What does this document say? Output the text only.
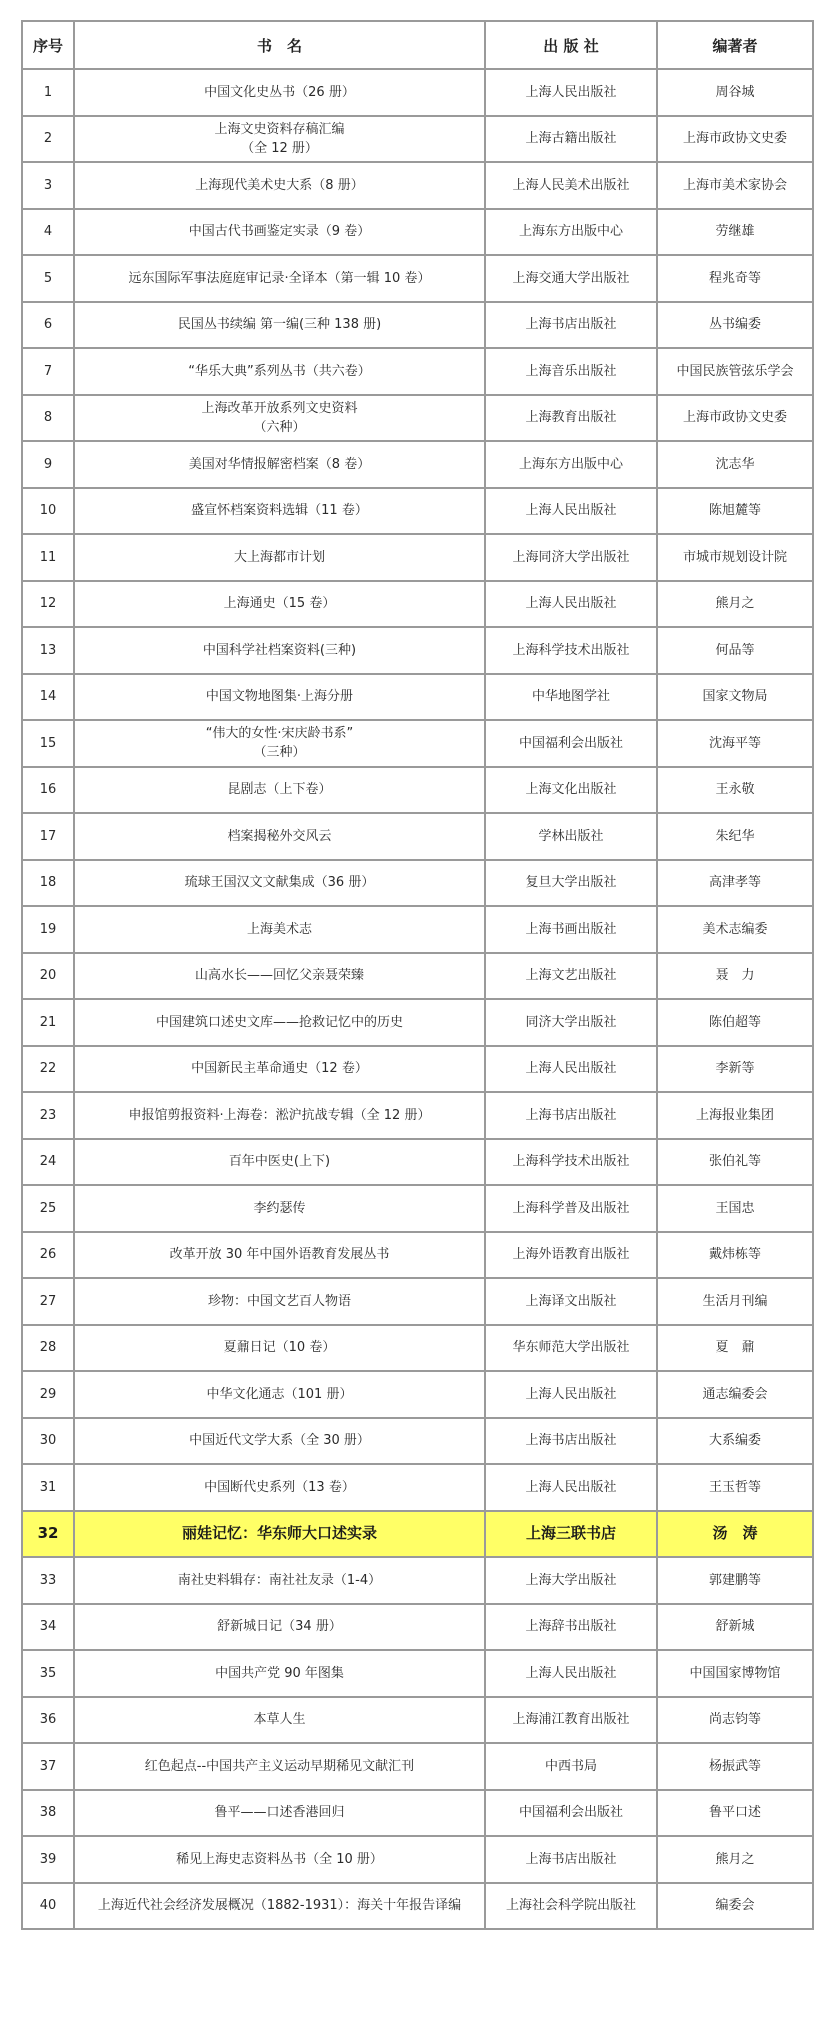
序号	书　名	出 版 社	编著者
1	中国文化史丛书（26 册）	上海人民出版社	周谷城
2	上海文史资料存稿汇编
（全 12 册）	上海古籍出版社	上海市政协文史委
3	上海现代美术史大系（8 册）	上海人民美术出版社	上海市美术家协会
4	中国古代书画鉴定实录（9 卷）	上海东方出版中心	劳继雄
5	远东国际军事法庭庭审记录·全译本（第一辑 10 卷）	上海交通大学出版社	程兆奇等
6	民国丛书续编 第一编(三种 138 册)	上海书店出版社	丛书编委
7	“华乐大典”系列丛书（共六卷）	上海音乐出版社	中国民族管弦乐学会
8	上海改革开放系列文史资料
（六种）	上海教育出版社	上海市政协文史委
9	美国对华情报解密档案（8 卷）	上海东方出版中心	沈志华
10	盛宣怀档案资料选辑（11 卷）	上海人民出版社	陈旭麓等
11	大上海都市计划	上海同济大学出版社	市城市规划设计院
12	上海通史（15 卷）	上海人民出版社	熊月之
13	中国科学社档案资料(三种)	上海科学技术出版社	何品等
14	中国文物地图集·上海分册	中华地图学社	国家文物局
15	“伟大的女性·宋庆龄书系”
（三种）	中国福利会出版社	沈海平等
16	昆剧志（上下卷）	上海文化出版社	王永敬
17	档案揭秘外交风云	学林出版社	朱纪华
18	琉球王国汉文文献集成（36 册）	复旦大学出版社	高津孝等
19	上海美术志	上海书画出版社	美术志编委
20	山高水长——回忆父亲聂荣臻	上海文艺出版社	聂　力
21	中国建筑口述史文库——抢救记忆中的历史	同济大学出版社	陈伯超等
22	中国新民主革命通史（12 卷）	上海人民出版社	李新等
23	申报馆剪报资料·上海卷：淞沪抗战专辑（全 12 册）	上海书店出版社	上海报业集团
24	百年中医史(上下)	上海科学技术出版社	张伯礼等
25	李约瑟传	上海科学普及出版社	王国忠
26	改革开放 30 年中国外语教育发展丛书	上海外语教育出版社	戴炜栋等
27	珍物：中国文艺百人物语	上海译文出版社	生活月刊编
28	夏鼐日记（10 卷）	华东师范大学出版社	夏　鼐
29	中华文化通志（101 册）	上海人民出版社	通志编委会
30	中国近代文学大系（全 30 册）	上海书店出版社	大系编委
31	中国断代史系列（13 卷）	上海人民出版社	王玉哲等
32	丽娃记忆：华东师大口述实录	上海三联书店	汤　涛
33	南社史料辑存：南社社友录（1-4）	上海大学出版社	郭建鹏等
34	舒新城日记（34 册）	上海辞书出版社	舒新城
35	中国共产党 90 年图集	上海人民出版社	中国国家博物馆
36	本草人生	上海浦江教育出版社	尚志钧等
37	红色起点--中国共产主义运动早期稀见文献汇刊	中西书局	杨振武等
38	鲁平——口述香港回归	中国福利会出版社	鲁平口述
39	稀见上海史志资料丛书（全 10 册）	上海书店出版社	熊月之
40	上海近代社会经济发展概况（1882-1931）：海关十年报告译编	上海社会科学院出版社	编委会
